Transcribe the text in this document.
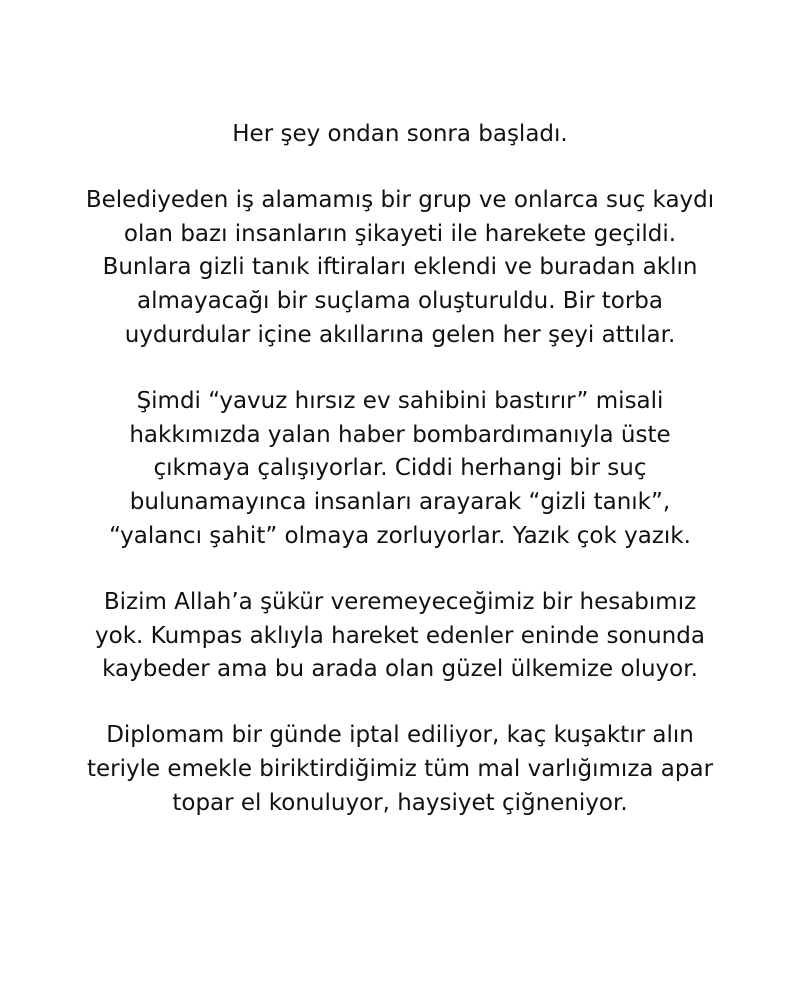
Her şey ondan sonra başladı.

Belediyeden iş alamamış bir grup ve onlarca suç kaydı
olan bazı insanların şikayeti ile harekete geçildi.
Bunlara gizli tanık iftiraları eklendi ve buradan aklın
almayacağı bir suçlama oluşturuldu. Bir torba
uydurdular içine akıllarına gelen her şeyi attılar.

Şimdi “yavuz hırsız ev sahibini bastırır” misali
hakkımızda yalan haber bombardımanıyla üste
çıkmaya çalışıyorlar. Ciddi herhangi bir suç
bulunamayınca insanları arayarak “gizli tanık”,
“yalancı şahit” olmaya zorluyorlar. Yazık çok yazık.

Bizim Allah’a şükür veremeyeceğimiz bir hesabımız
yok. Kumpas aklıyla hareket edenler eninde sonunda
kaybeder ama bu arada olan güzel ülkemize oluyor.

Diplomam bir günde iptal ediliyor, kaç kuşaktır alın
teriyle emekle biriktirdiğimiz tüm mal varlığımıza apar
topar el konuluyor, haysiyet çiğneniyor.
